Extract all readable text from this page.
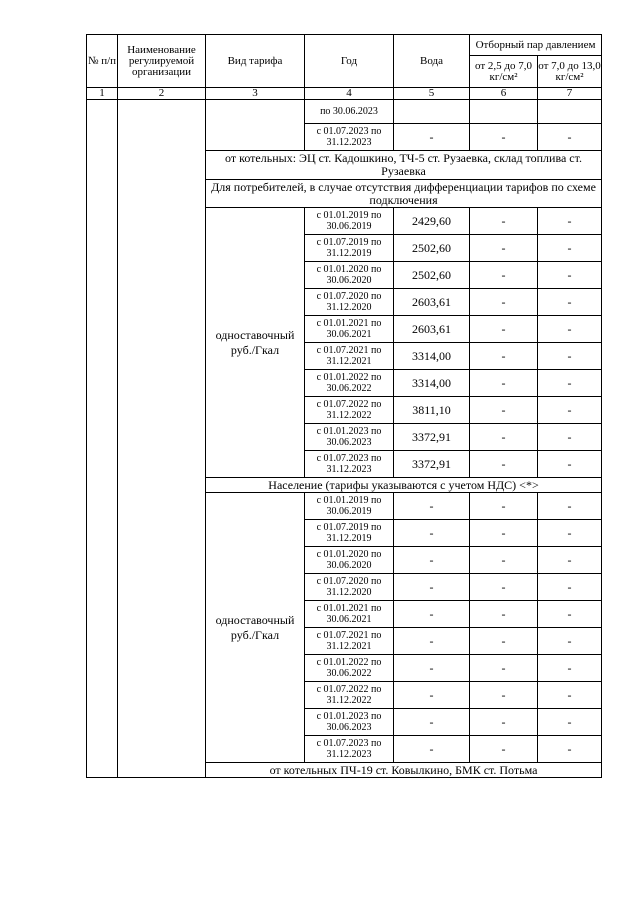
№ п/п	Наименование регулируемой организации	Вид тарифа	Год	Вода	Отборный пар давлением	
					от 2,5 до 7,0 кг/см²	от 7,0 до 13,0 кг/см²
1	2	3	4	5	6	7
			по 30.06.2023			
			с 01.07.2023 по 31.12.2023	-	-	-
		от котельных: ЭЦ ст. Кадошкино, ТЧ-5 ст. Рузаевка, склад топлива ст. Рузаевка				
		Для потребителей, в случае отсутствия дифференциации тарифов по схеме подключения				
		одноставочный руб./Гкал	с 01.01.2019 по 30.06.2019	2429,60	-	-
			с 01.07.2019 по 31.12.2019	2502,60	-	-
			с 01.01.2020 по 30.06.2020	2502,60	-	-
			с 01.07.2020 по 31.12.2020	2603,61	-	-
			с 01.01.2021 по 30.06.2021	2603,61	-	-
			с 01.07.2021 по 31.12.2021	3314,00	-	-
			с 01.01.2022 по 30.06.2022	3314,00	-	-
			с 01.07.2022 по 31.12.2022	3811,10	-	-
			с 01.01.2023 по 30.06.2023	3372,91	-	-
			с 01.07.2023 по 31.12.2023	3372,91	-	-
		Население (тарифы указываются с учетом НДС) <*>				
		одноставочный руб./Гкал	с 01.01.2019 по 30.06.2019	-	-	-
			с 01.07.2019 по 31.12.2019	-	-	-
			с 01.01.2020 по 30.06.2020	-	-	-
			с 01.07.2020 по 31.12.2020	-	-	-
			с 01.01.2021 по 30.06.2021	-	-	-
			с 01.07.2021 по 31.12.2021	-	-	-
			с 01.01.2022 по 30.06.2022	-	-	-
			с 01.07.2022 по 31.12.2022	-	-	-
			с 01.01.2023 по 30.06.2023	-	-	-
			с 01.07.2023 по 31.12.2023	-	-	-
		от котельных ПЧ-19 ст. Ковылкино, БМК ст. Потьма				
